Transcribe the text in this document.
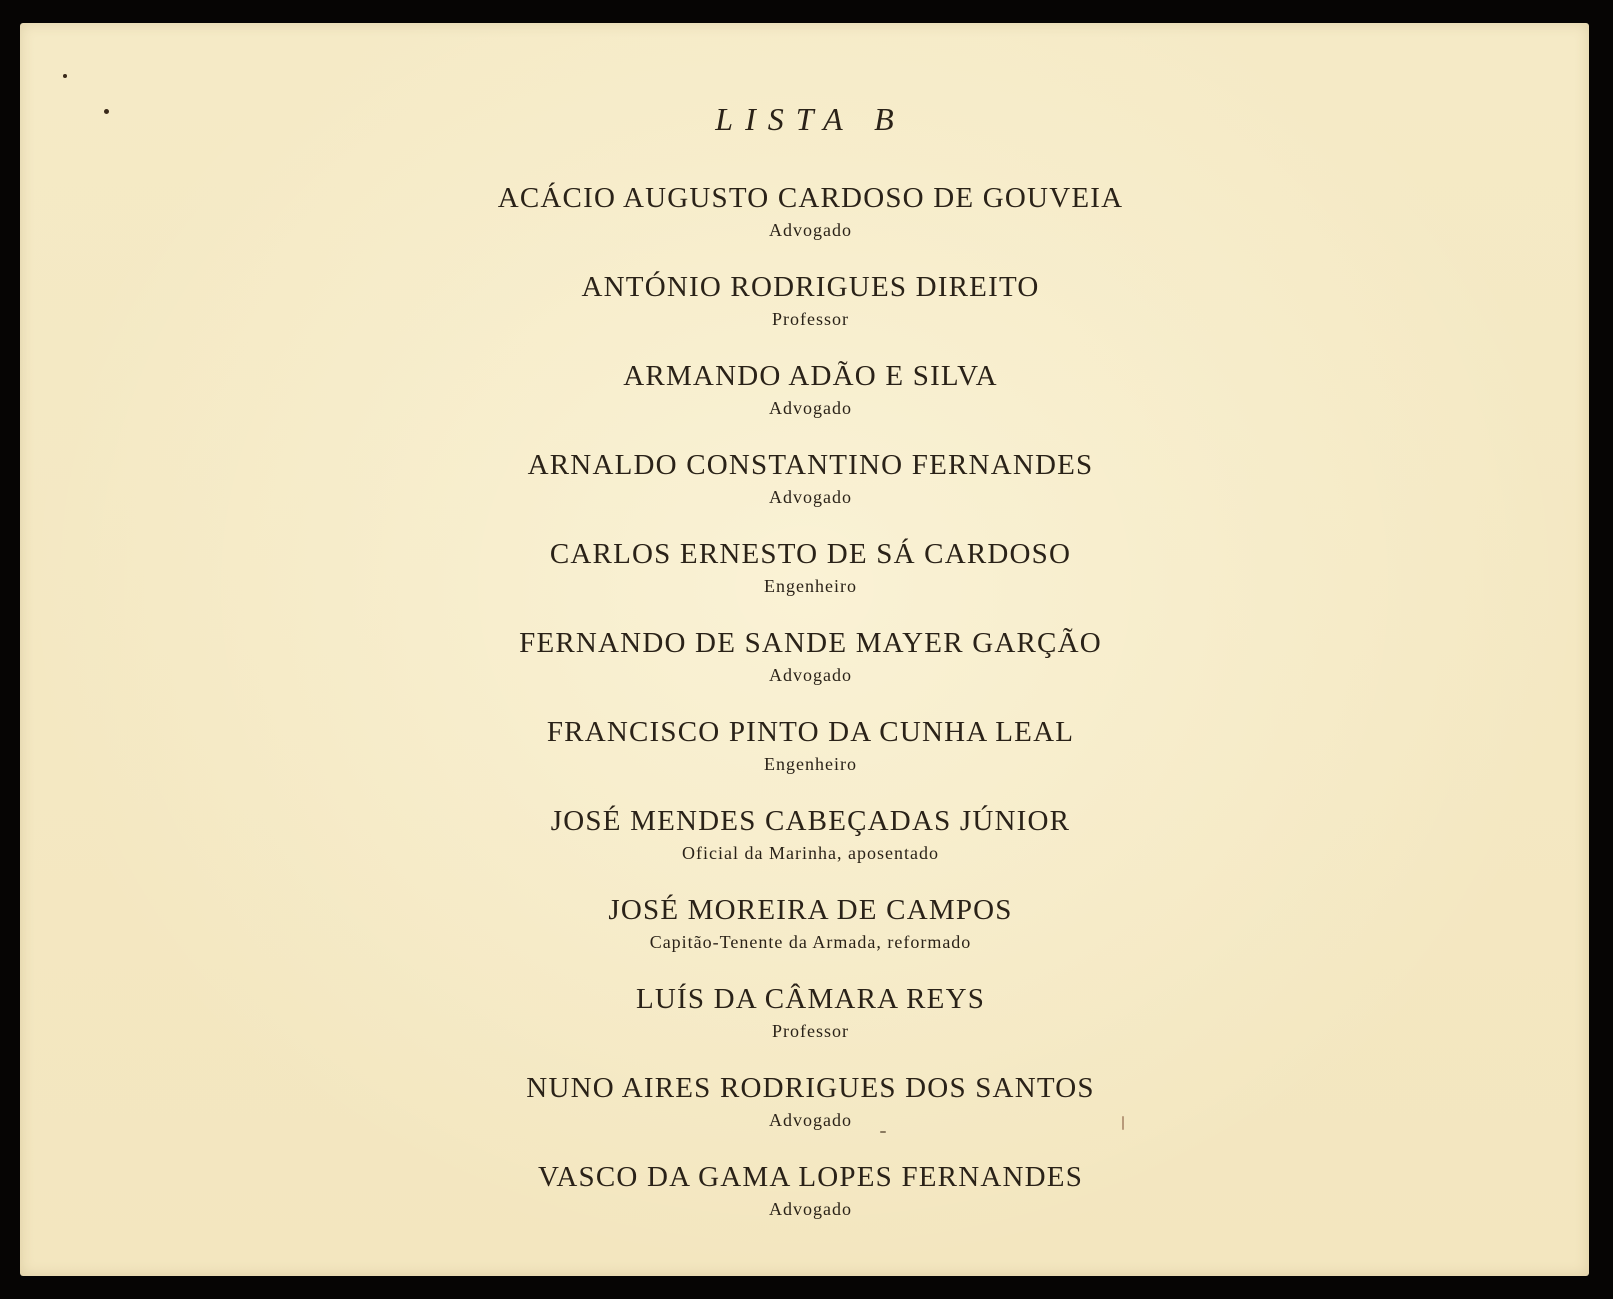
LISTA B
ACÁCIO AUGUSTO CARDOSO DE GOUVEIA
Advogado
ANTÓNIO RODRIGUES DIREITO
Professor
ARMANDO ADÃO E SILVA
Advogado
ARNALDO CONSTANTINO FERNANDES
Advogado
CARLOS ERNESTO DE SÁ CARDOSO
Engenheiro
FERNANDO DE SANDE MAYER GARÇÃO
Advogado
FRANCISCO PINTO DA CUNHA LEAL
Engenheiro
JOSÉ MENDES CABEÇADAS JÚNIOR
Oficial da Marinha, aposentado
JOSÉ MOREIRA DE CAMPOS
Capitão-Tenente da Armada, reformado
LUÍS DA CÂMARA REYS
Professor
NUNO AIRES RODRIGUES DOS SANTOS
Advogado
VASCO DA GAMA LOPES FERNANDES
Advogado
